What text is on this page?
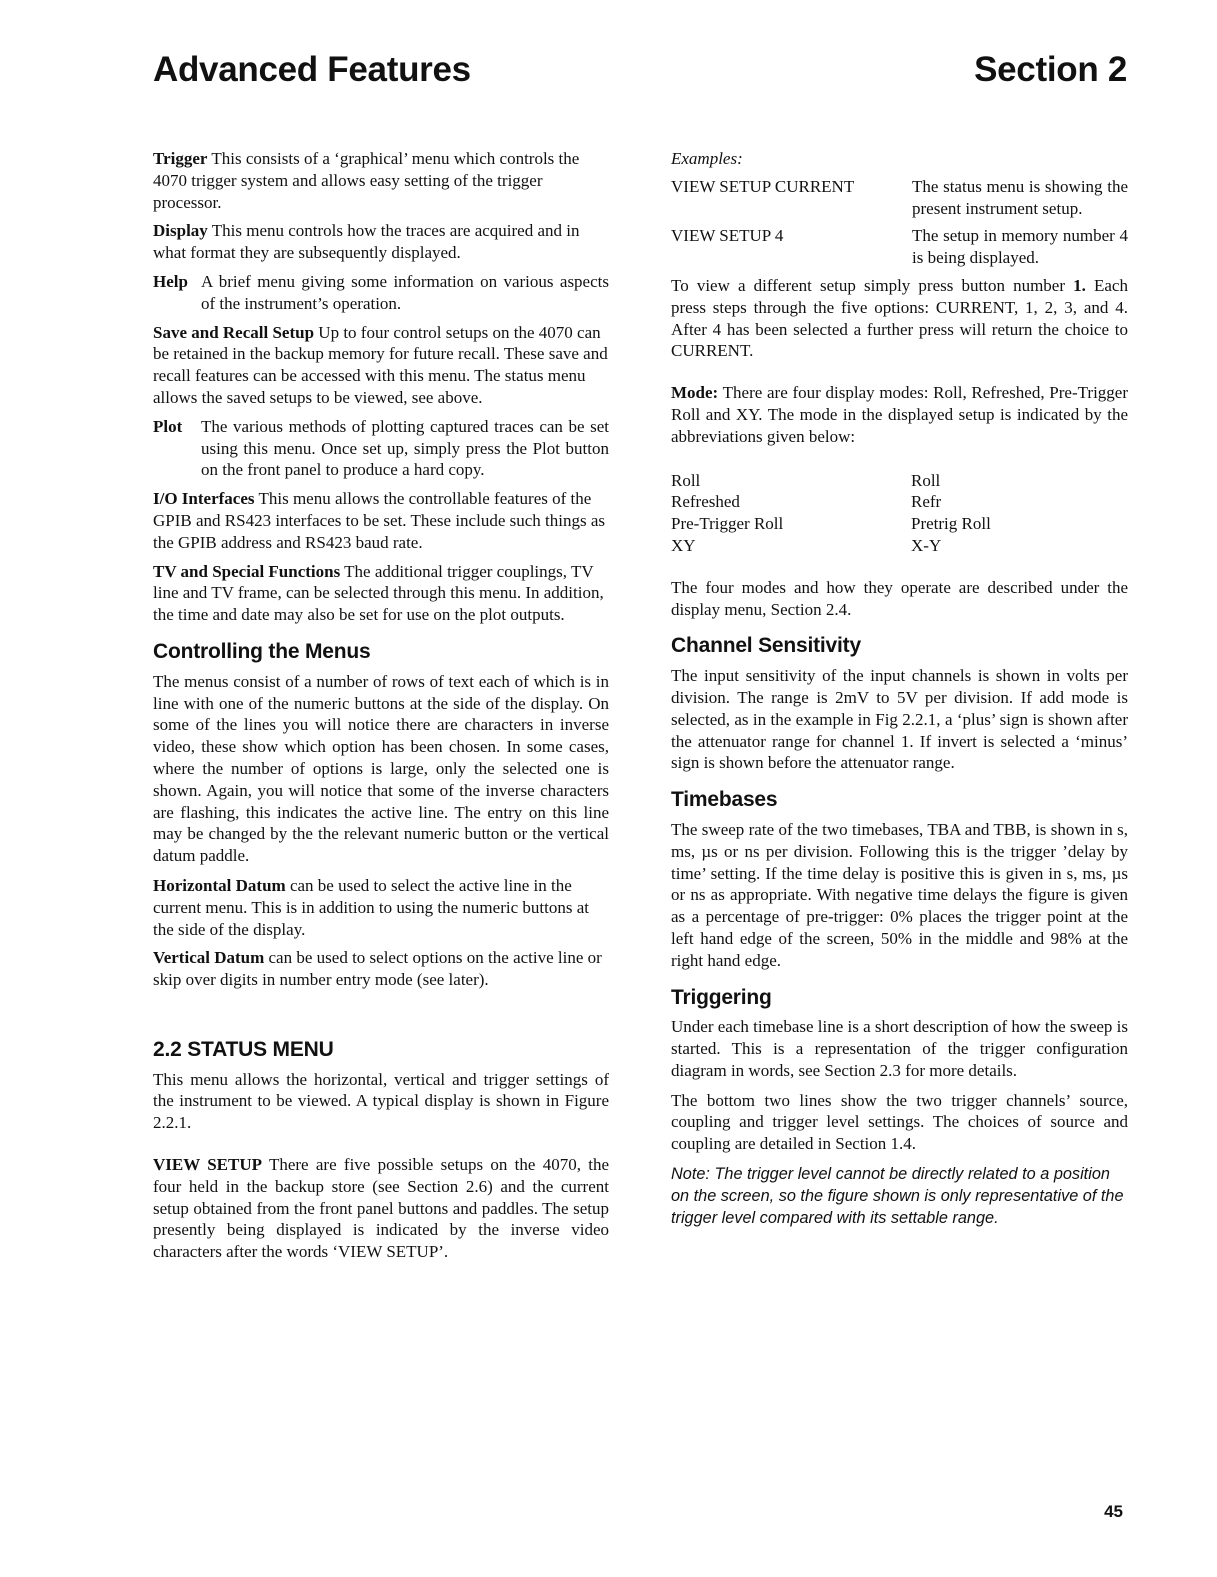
Advanced Features	Section 2
Trigger This consists of a ‘graphical’ menu which controls the 4070 trigger system and allows easy setting of the trigger processor.
Display This menu controls how the traces are acquired and in what format they are subsequently displayed.
Help A brief menu giving some information on various aspects of the instrument’s operation.
Save and Recall Setup Up to four control setups on the 4070 can be retained in the backup memory for future recall. These save and recall features can be accessed with this menu. The status menu allows the saved setups to be viewed, see above.
Plot	The various methods of plotting captured traces can be set using this menu. Once set up, simply press the Plot button on the front panel to produce a hard copy.
I/O Interfaces This menu allows the controllable features of the GPIB and RS423 interfaces to be set. These include such things as the GPIB address and RS423 baud rate.
TV and Special Functions The additional trigger couplings, TV line and TV frame, can be selected through this menu. In addition, the time and date may also be set for use on the plot outputs.
Controlling the Menus

The menus consist of a number of rows of text each of which is in line with one of the numeric buttons at the side of the display. On some of the lines you will notice there are characters in inverse video, these show which option has been chosen. In some cases, where the number of options is large, only the selected one is shown. Again, you will notice that some of the inverse characters are flashing, this indicates the active line. The entry on this line may be changed by the the relevant numeric button or the vertical datum paddle.

Horizontal Datum can be used to select the active line in the current menu. This is in addition to using the numeric buttons at the side of the display.
Vertical Datum can be used to select options on the active line or skip over digits in number entry mode (see later).
2.2 STATUS MENU

This menu allows the horizontal, vertical and trigger settings of the instrument to be viewed. A typical display is shown in Figure 2.2.1.

VIEW SETUP There are five possible setups on the 4070, the four held in the backup store (see Section 2.6) and the current setup obtained from the front panel buttons and paddles. The setup presently being displayed is indicated by the inverse video characters after the words ‘VIEW SETUP’.

Examples:
VIEW SETUP CURRENT	The status menu is showing the present instrument setup.
VIEW SETUP 4	The setup in memory number 4 is being displayed.

To view a different setup simply press button number 1. Each press steps through the five options: CURRENT, 1, 2, 3, and 4. After 4 has been selected a further press will return the choice to CURRENT.

Mode: There are four display modes: Roll, Refreshed, Pre-Trigger Roll and XY. The mode in the displayed setup is indicated by the abbreviations given below:

Roll	Roll
Refreshed	Refr
Pre-Trigger Roll	Pretrig Roll
XY	X-Y

The four modes and how they operate are described under the display menu, Section 2.4.

Channel Sensitivity

The input sensitivity of the input channels is shown in volts per division. The range is 2mV to 5V per division. If add mode is selected, as in the example in Fig 2.2.1, a ‘plus’ sign is shown after the attenuator range for channel 1. If invert is selected a ‘minus’ sign is shown before the attenuator range.

Timebases

The sweep rate of the two timebases, TBA and TBB, is shown in s, ms, µs or ns per division. Following this is the trigger ’delay by time’ setting. If the time delay is positive this is given in s, ms, µs or ns as appropriate. With negative time delays the figure is given as a percentage of pre-trigger: 0% places the trigger point at the left hand edge of the screen, 50% in the middle and 98% at the right hand edge.

Triggering

Under each timebase line is a short description of how the sweep is started. This is a representation of the trigger configuration diagram in words, see Section 2.3 for more details.

The bottom two lines show the two trigger channels’ source, coupling and trigger level settings. The choices of source and coupling are detailed in Section 1.4.

Note: The trigger level cannot be directly related to a position on the screen, so the figure shown is only representative of the trigger level compared with its settable range.

45
